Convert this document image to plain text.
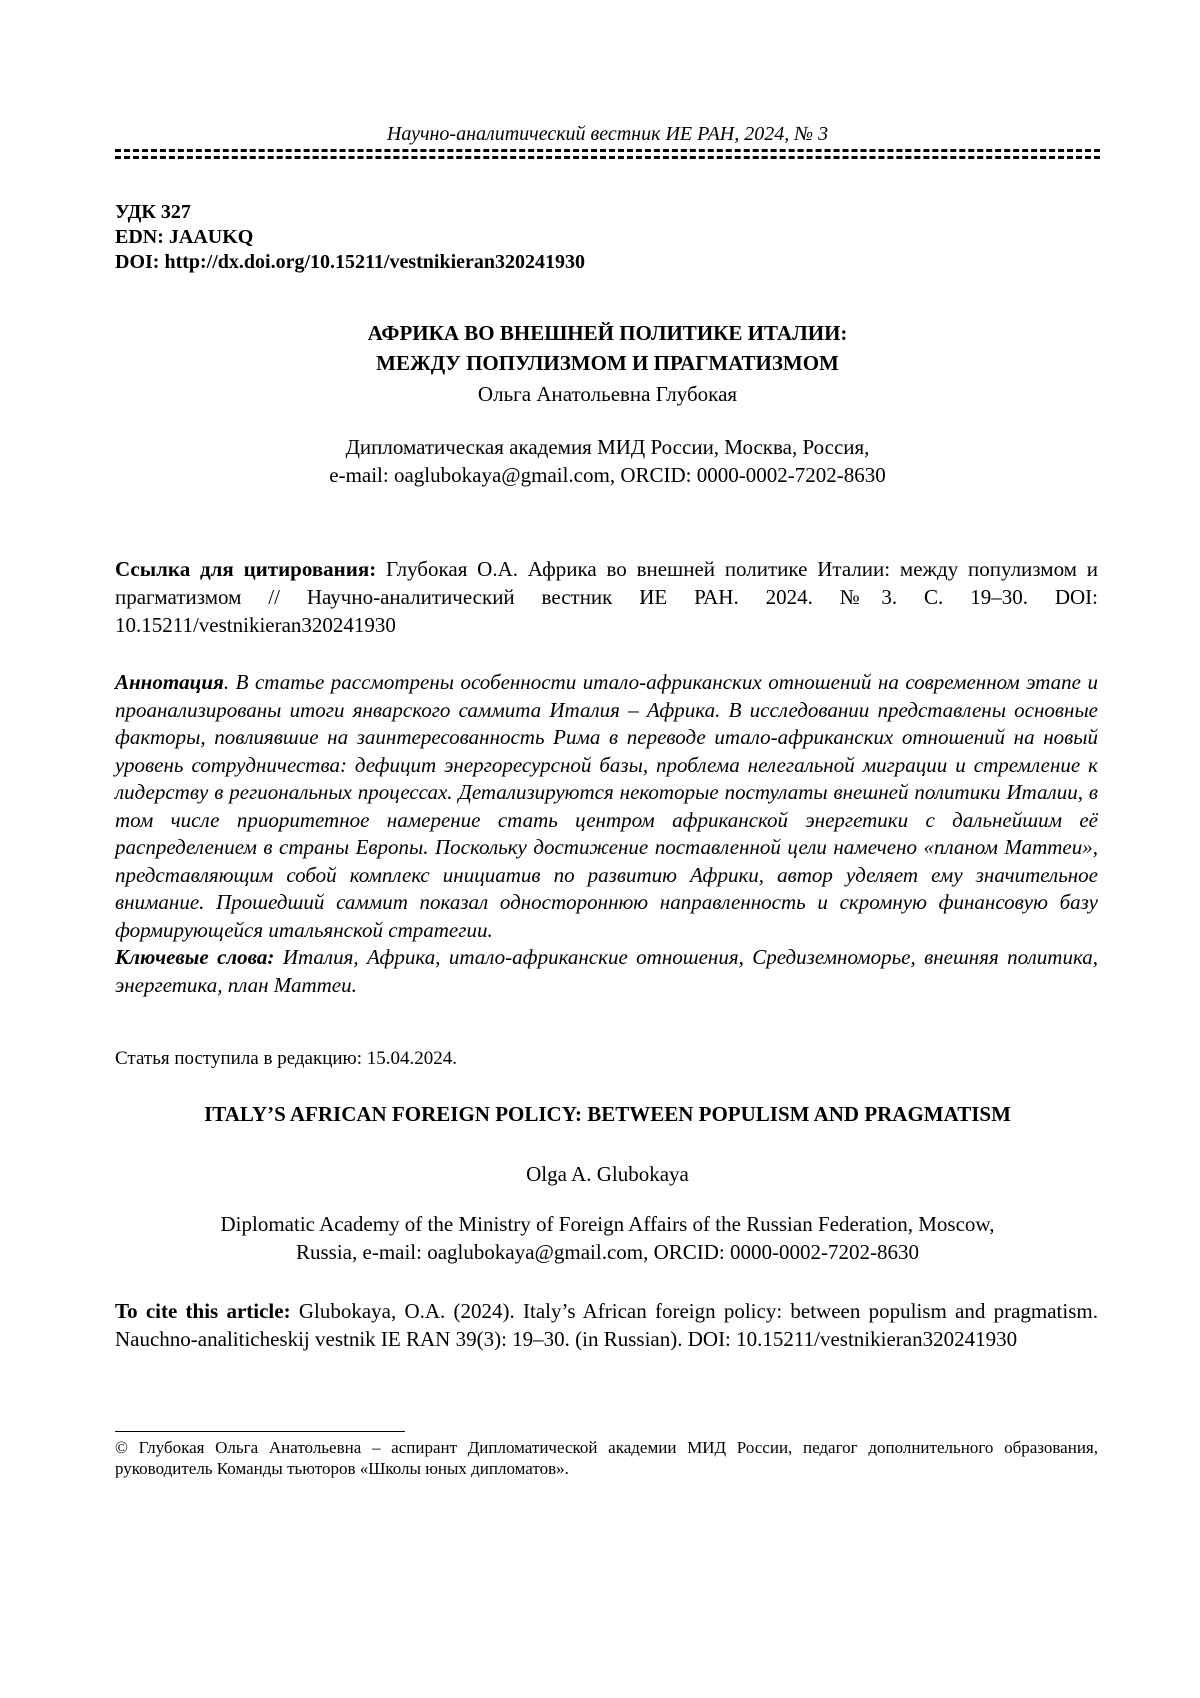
Научно-аналитический вестник ИЕ РАН, 2024, № 3
УДК 327
EDN: JAAUKQ
DOI: http://dx.doi.org/10.15211/vestnikieran320241930
АФРИКА ВО ВНЕШНЕЙ ПОЛИТИКЕ ИТАЛИИ:
МЕЖДУ ПОПУЛИЗМОМ И ПРАГМАТИЗМОМ
Ольга Анатольевна Глубокая
Дипломатическая академия МИД России, Москва, Россия,
e-mail: oaglubokaya@gmail.com, ORCID: 0000-0002-7202-8630
Ссылка для цитирования: Глубокая О.А. Африка во внешней политике Италии: между популизмом и прагматизмом // Научно-аналитический вестник ИЕ РАН. 2024. №3. С. 19–30. DOI: 10.15211/vestnikieran320241930
Аннотация. В статье рассмотрены особенности итало-африканских отношений на современном этапе и проанализированы итоги январского саммита Италия – Африка. В исследовании представлены основные факторы, повлиявшие на заинтересованность Рима в переводе итало-африканских отношений на новый уровень сотрудничества: дефицит энергоресурсной базы, проблема нелегальной миграции и стремление к лидерству в региональных процессах. Детализируются некоторые постулаты внешней политики Италии, в том числе приоритетное намерение стать центром африканской энергетики с дальнейшим её распределением в страны Европы. Поскольку достижение поставленной цели намечено «планом Маттеи», представляющим собой комплекс инициатив по развитию Африки, автор уделяет ему значительное внимание. Прошедший саммит показал одностороннюю направленность и скромную финансовую базу формирующейся итальянской стратегии.
Ключевые слова: Италия, Африка, итало-африканские отношения, Средиземноморье, внешняя политика, энергетика, план Маттеи.
Статья поступила в редакцию: 15.04.2024.
ITALY’S AFRICAN FOREIGN POLICY: BETWEEN POPULISM AND PRAGMATISM
Olga A. Glubokaya
Diplomatic Academy of the Ministry of Foreign Affairs of the Russian Federation, Moscow,
Russia, e-mail: oaglubokaya@gmail.com, ORCID: 0000-0002-7202-8630
To cite this article: Glubokaya, O.A. (2024). Italy’s African foreign policy: between populism and pragmatism. Nauchno-analiticheskij vestnik IE RAN 39(3): 19–30. (in Russian). DOI: 10.15211/vestnikieran320241930
© Глубокая Ольга Анатольевна – аспирант Дипломатической академии МИД России, педагог дополнительного образования, руководитель Команды тьюторов «Школы юных дипломатов».
